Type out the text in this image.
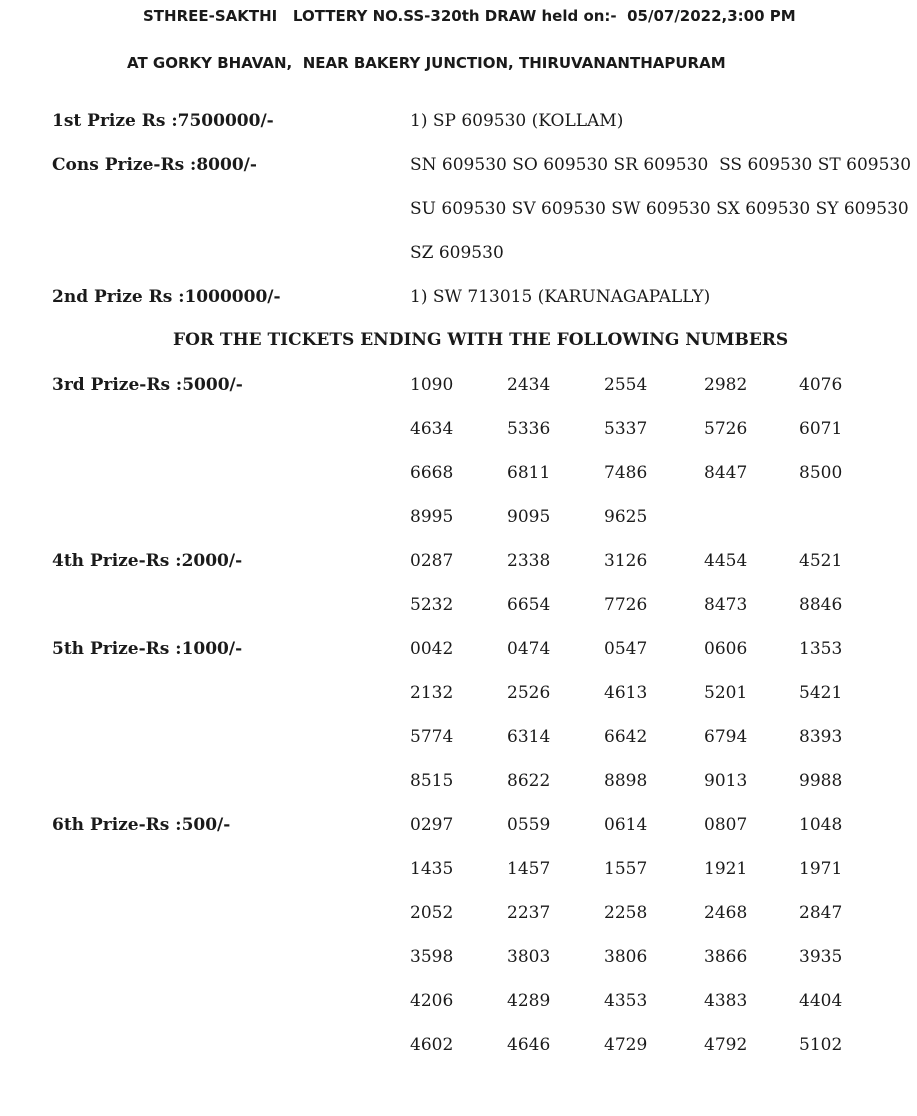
STHREE-SAKTHI   LOTTERY NO.SS-320th DRAW held on:-  05/07/2022,3:00 PM
AT GORKY BHAVAN,  NEAR BAKERY JUNCTION, THIRUVANANTHAPURAM
1st Prize Rs :7500000/-	1) SP 609530 (KOLLAM)
Cons Prize-Rs :8000/-	SN 609530 SO 609530 SR 609530  SS 609530 ST 609530
SU 609530 SV 609530 SW 609530 SX 609530 SY 609530
SZ 609530
2nd Prize Rs :1000000/-	1) SW 713015 (KARUNAGAPALLY)
FOR THE TICKETS ENDING WITH THE FOLLOWING NUMBERS
3rd Prize-Rs :5000/-	1090	2434	2554	2982	4076
4634	5336	5337	5726	6071
6668	6811	7486	8447	8500
8995	9095	9625
4th Prize-Rs :2000/-	0287	2338	3126	4454	4521
5232	6654	7726	8473	8846
5th Prize-Rs :1000/-	0042	0474	0547	0606	1353
2132	2526	4613	5201	5421
5774	6314	6642	6794	8393
8515	8622	8898	9013	9988
6th Prize-Rs :500/-	0297	0559	0614	0807	1048
1435	1457	1557	1921	1971
2052	2237	2258	2468	2847
3598	3803	3806	3866	3935
4206	4289	4353	4383	4404
4602	4646	4729	4792	5102
